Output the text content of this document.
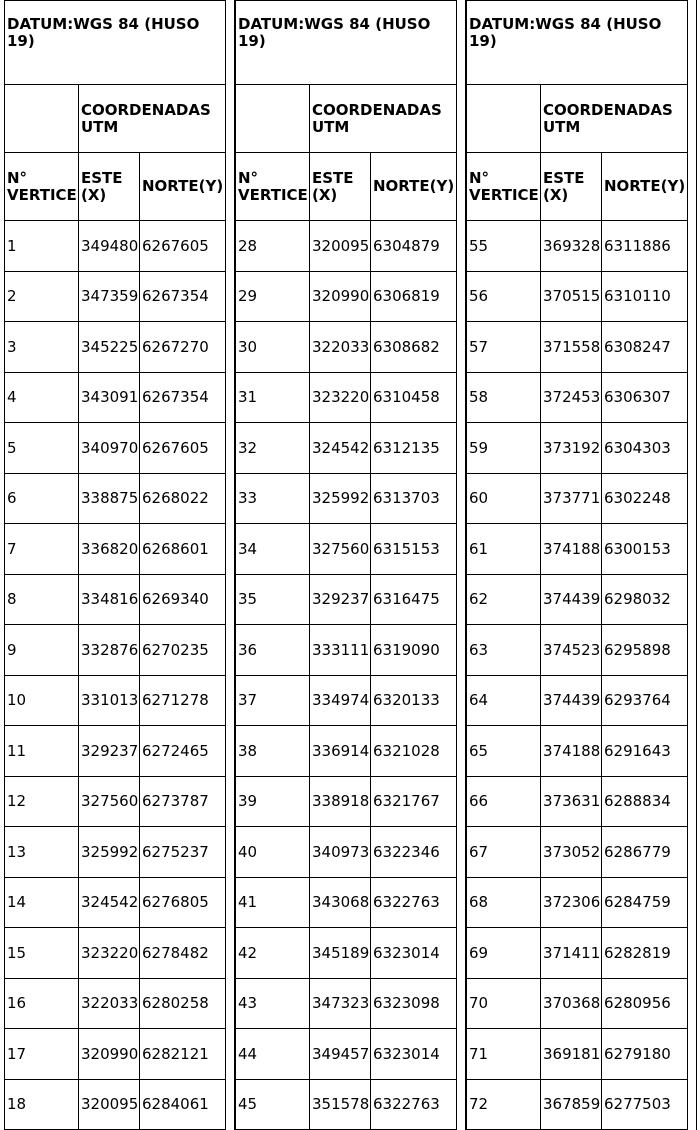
DATUM:WGS 84 (HUSO 19)
COORDENADAS UTM
N° VERTICE
ESTE (X)	NORTE(Y)
1	349480 6267605
2	347359 6267354
3	345225 6267270
4	343091 6267354
5	340970 6267605
6	338875 6268022
7	336820 6268601
8	334816 6269340
9	332876 6270235
10	331013 6271278
11	329237 6272465
12	327560 6273787
13	325992 6275237
14	324542 6276805
15	323220 6278482
16	322033 6280258
17	320990 6282121
18	320095 6284061
DATUM:WGS 84 (HUSO 19)
COORDENADAS UTM
N° VERTICE
ESTE (X)	NORTE(Y)
28	320095 6304879
29	320990 6306819
30	322033 6308682
31	323220 6310458
32	324542 6312135
33	325992 6313703
34	327560 6315153
35	329237 6316475
36	333111 6319090
37	334974 6320133
38	336914 6321028
39	338918 6321767
40	340973 6322346
41	343068 6322763
42	345189 6323014
43	347323 6323098
44	349457 6323014
45	351578 6322763
DATUM:WGS 84 (HUSO 19)
COORDENADAS UTM
N° VERTICE
ESTE (X)	NORTE(Y)
55	369328 6311886
56	370515 6310110
57	371558 6308247
58	372453 6306307
59	373192 6304303
60	373771 6302248
61	374188 6300153
62	374439 6298032
63	374523 6295898
64	374439 6293764
65	374188 6291643
66	373631 6288834
67	373052 6286779
68	372306 6284759
69	371411 6282819
70	370368 6280956
71	369181 6279180
72	367859 6277503
